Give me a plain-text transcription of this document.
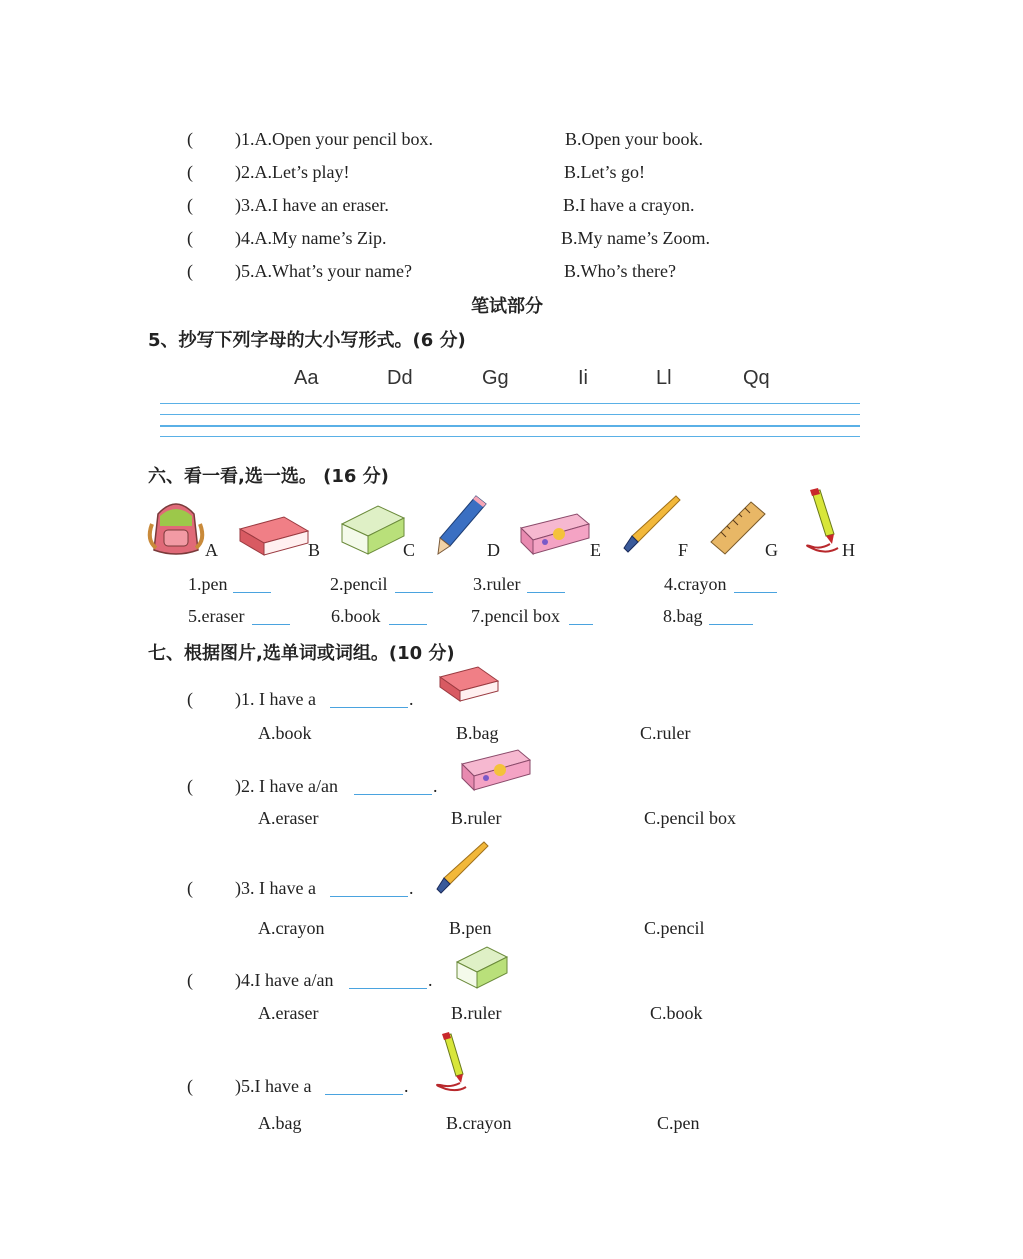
( )1.A.Open your pencil box.	B.Open your book.
( )2.A.Let’s play!	B.Let’s go!
( )3.A.I have an eraser.	B.I have a crayon.
( )4.A.My name’s Zip.	B.My name’s Zoom.
( )5.A.What’s your name?	B.Who’s there?
笔试部分
5、抄写下列字母的大小写形式。(6 分)
Aa	Dd	Gg	Ii	Ll	Qq
六、看一看,选一选。 (16 分)
A	B	C	D	E	F	G	H
1.pen	2.pencil	3.ruler	4.crayon
5.eraser	6.book	7.pencil box	8.bag
七、根据图片,选单词或词组。(10 分)
( )1. I have a	.
A.book	B.bag	C.ruler
( )2. I have a/an	.
A.eraser	B.ruler	C.pencil box
( )3. I have a	.
A.crayon	B.pen	C.pencil
( )4.I have a/an	.
A.eraser	B.ruler	C.book
( )5.I have a	.
A.bag	B.crayon	C.pen
